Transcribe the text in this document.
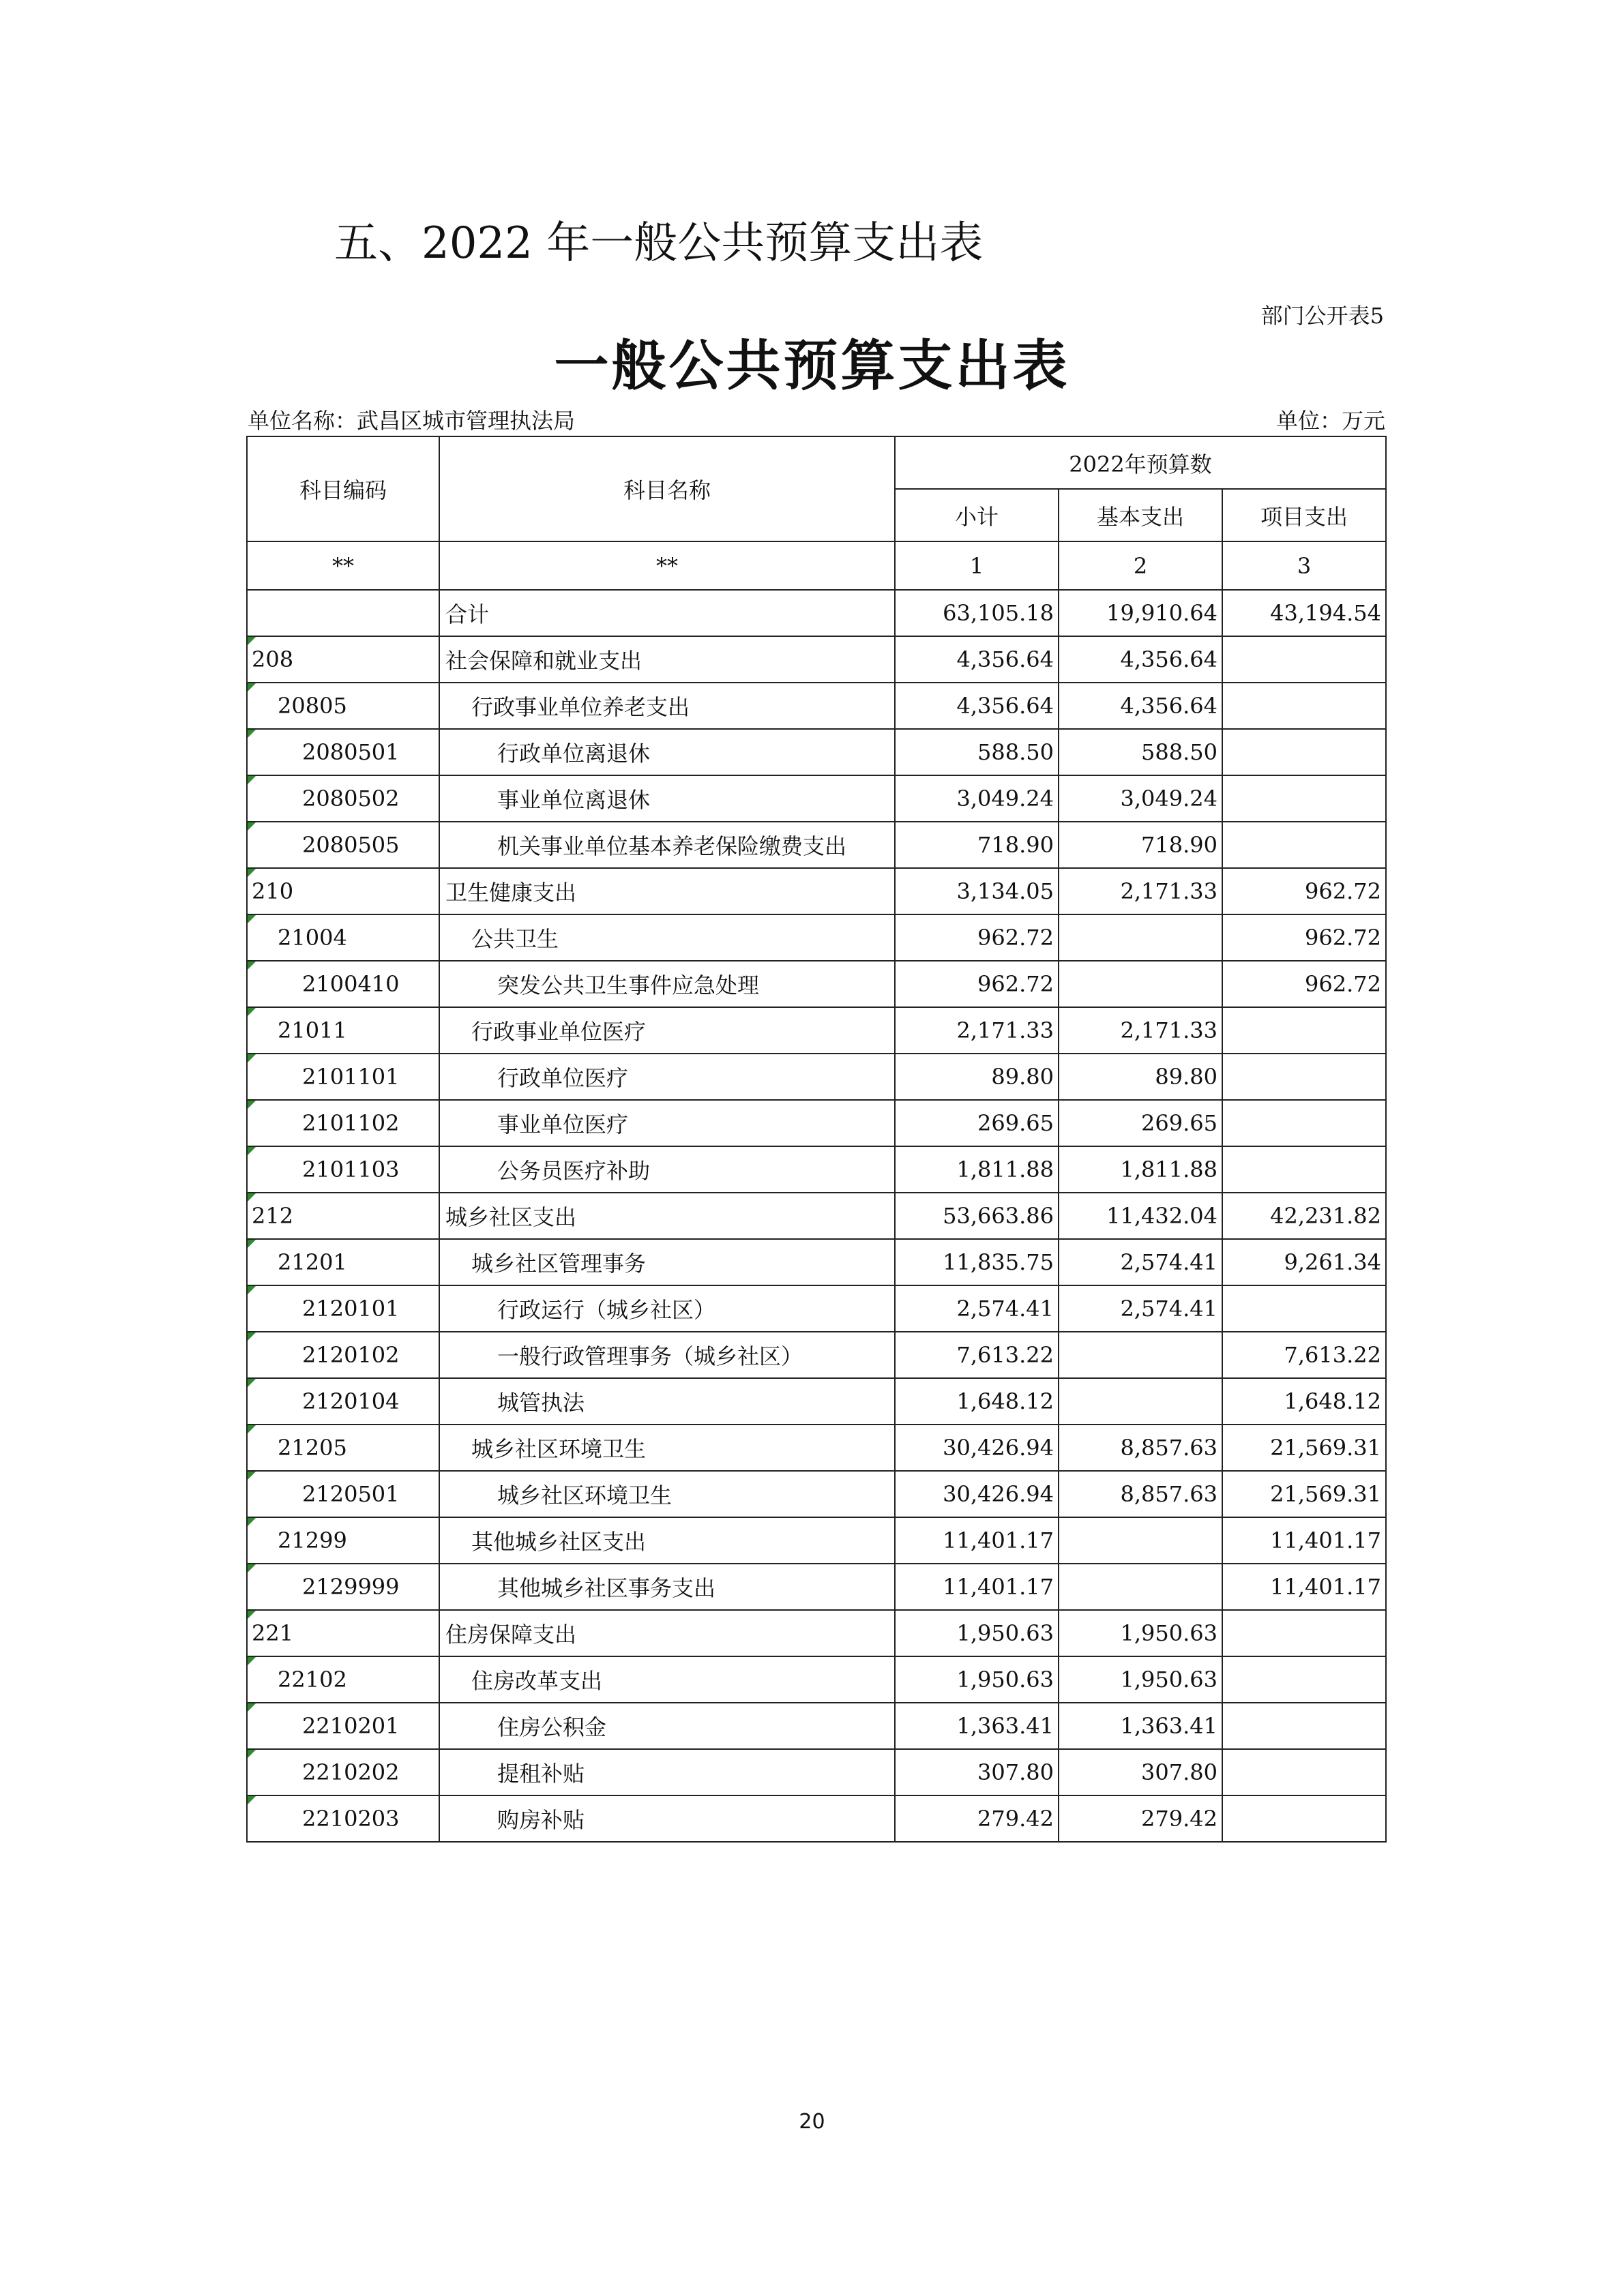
五、2022 年一般公共预算支出表
部门公开表5
一般公共预算支出表
单位名称：武昌区城市管理执法局	单位：万元
科目编码	科目名称	2022年预算数		
		小计	基本支出	项目支出
**	**	1	2	3
	合计	63,105.18	19,910.64	43,194.54
208	社会保障和就业支出	4,356.64	4,356.64	
20805	行政事业单位养老支出	4,356.64	4,356.64	
2080501	行政单位离退休	588.50	588.50	
2080502	事业单位离退休	3,049.24	3,049.24	
2080505	机关事业单位基本养老保险缴费支出	718.90	718.90	
210	卫生健康支出	3,134.05	2,171.33	962.72
21004	公共卫生	962.72		962.72
2100410	突发公共卫生事件应急处理	962.72		962.72
21011	行政事业单位医疗	2,171.33	2,171.33	
2101101	行政单位医疗	89.80	89.80	
2101102	事业单位医疗	269.65	269.65	
2101103	公务员医疗补助	1,811.88	1,811.88	
212	城乡社区支出	53,663.86	11,432.04	42,231.82
21201	城乡社区管理事务	11,835.75	2,574.41	9,261.34
2120101	行政运行（城乡社区）	2,574.41	2,574.41	
2120102	一般行政管理事务（城乡社区）	7,613.22		7,613.22
2120104	城管执法	1,648.12		1,648.12
21205	城乡社区环境卫生	30,426.94	8,857.63	21,569.31
2120501	城乡社区环境卫生	30,426.94	8,857.63	21,569.31
21299	其他城乡社区支出	11,401.17		11,401.17
2129999	其他城乡社区事务支出	11,401.17		11,401.17
221	住房保障支出	1,950.63	1,950.63	
22102	住房改革支出	1,950.63	1,950.63	
2210201	住房公积金	1,363.41	1,363.41	
2210202	提租补贴	307.80	307.80	
2210203	购房补贴	279.42	279.42	
20
